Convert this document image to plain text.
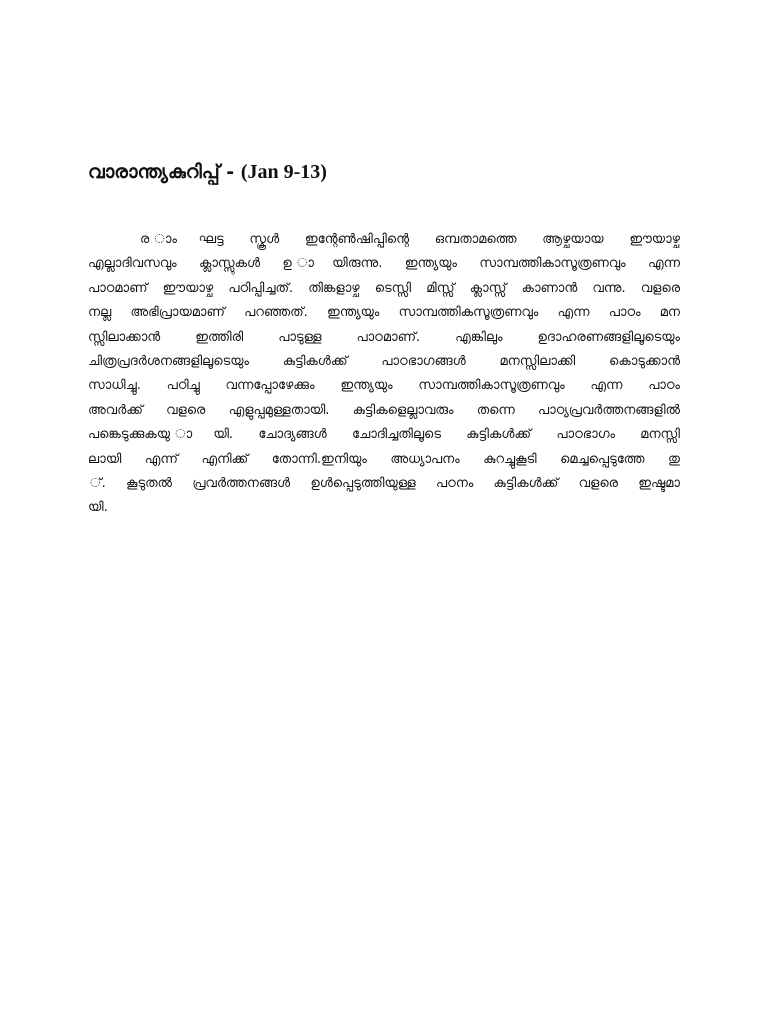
വാരാന്ത്യകുറിപ്പ് - (Jan 9-13)
ര ാംഘട്ട സ്കൂൾ ഇന്റേൺഷിപ്പിന്റെ ഒമ്പതാമത്തെ ആഴ്ചയായ ഈയാഴ്ച
എല്ലാദിവസവും ക്ലാസ്സുകൾ ഉ ായിരുന്നു. ഇന്ത്യയും സാമ്പത്തികാസൂത്രണവും എന്ന
പാഠമാണ് ഈയാഴ്ച പഠിപ്പിച്ചത്. തിങ്കളാഴ്ച ടെസ്സി മിസ്സ് ക്ലാസ്സ് കാണാൻ വന്നു. വളരെ
നല്ല അഭിപ്രായമാണ് പറഞ്ഞത്. ഇന്ത്യയും സാമ്പത്തികസൂത്രണവും എന്ന പാഠം മന
സ്സിലാക്കാൻ ഇത്തിരി പാടുള്ള പാഠമാണ്. എങ്കിലും ഉദാഹരണങ്ങളിലൂടെയും
ചിത്രപ്രദർശനങ്ങളിലൂടെയും കുട്ടികൾക്ക് പാഠഭാഗങ്ങൾ മനസ്സിലാക്കി കൊടുക്കാൻ
സാധിച്ചു. പഠിച്ചു വന്നപ്പോഴേക്കും ഇന്ത്യയും സാമ്പത്തികാസൂത്രണവും എന്ന പാഠം
അവർക്ക് വളരെ എളുപ്പമുള്ളതായി. കുട്ടികളെല്ലാവരും തന്നെ പാഠ്യപ്രവർത്തനങ്ങളിൽ
പങ്കെടുക്കുകയു ായി. ചോദ്യങ്ങൾ ചോദിച്ചതിലൂടെ കുട്ടികൾക്ക് പാഠഭാഗം മനസ്സി
ലായി എന്ന് എനിക്ക് തോന്നി.ഇനിയും അധ്യാപനം കുറച്ചുകൂടി മെച്ചപ്പെടുത്തേ തു
്. കൂടുതൽ പ്രവർത്തനങ്ങൾ ഉൾപ്പെടുത്തിയുള്ള പഠനം കുട്ടികൾക്ക് വളരെ ഇഷ്ടമാ
യി.
